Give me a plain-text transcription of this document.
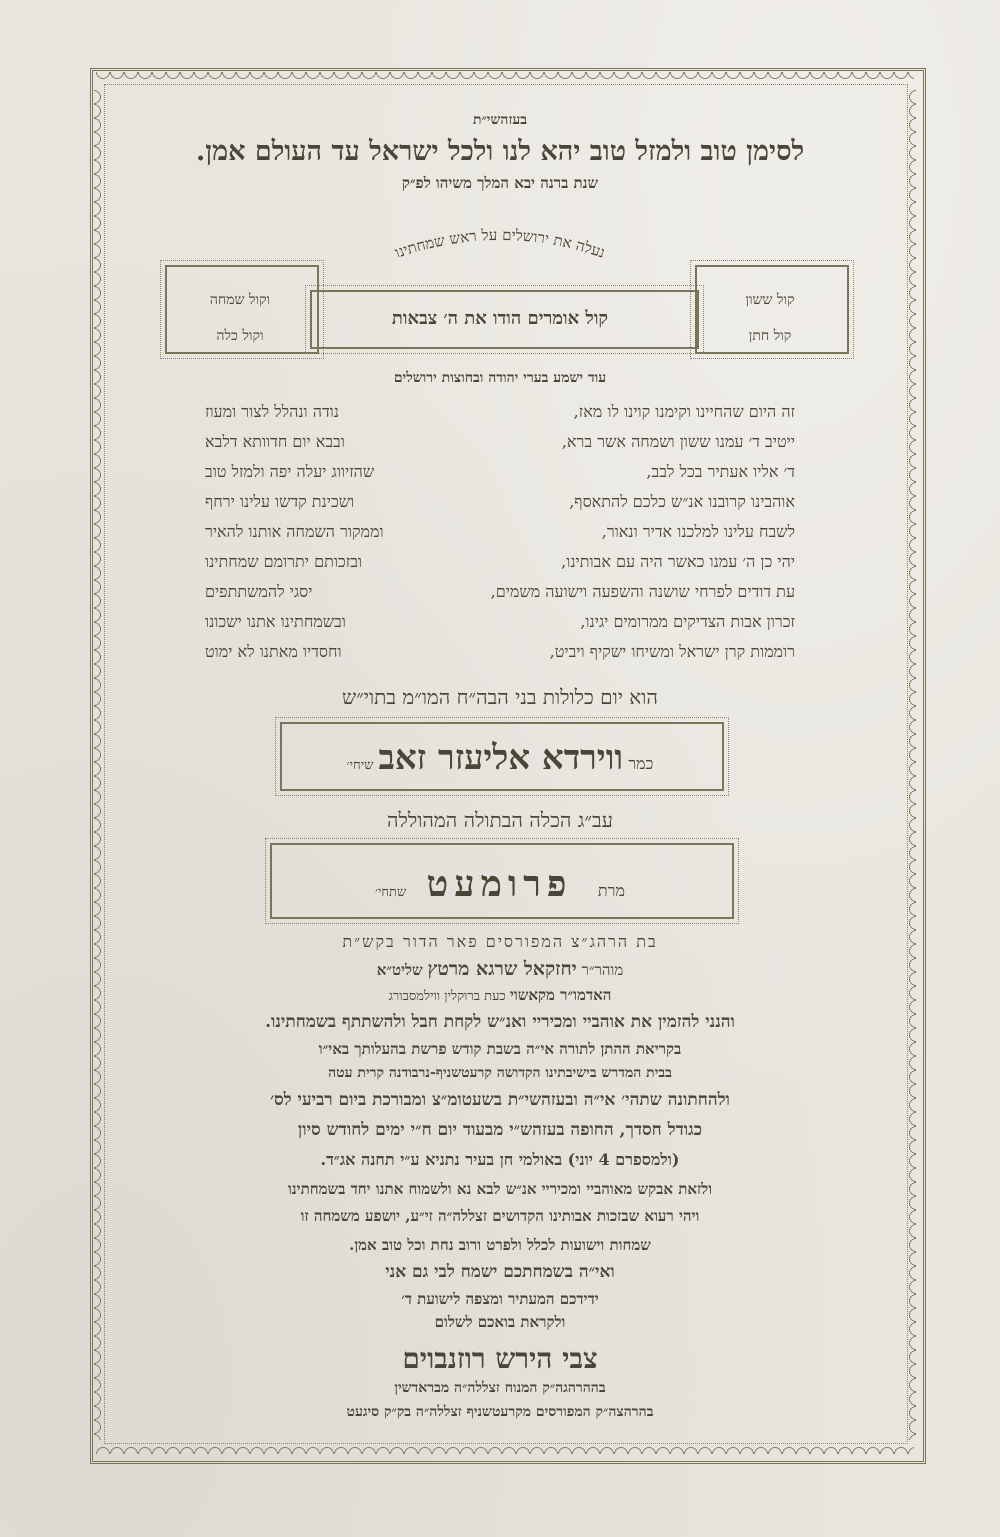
בעזהשי״ת
לסימן טוב ולמזל טוב יהא לנו ולכל ישראל עד העולם אמן.
שנת ברנה יבא המלך משיהו לפ״ק
נעלה את ירושלים על ראש שמחתינו
קול אומרים הודו את ה׳ צבאות
קול ששון
קול חתן
וקול שמחה
וקול כלה
עוד ישמע בערי יהודה ובחוצות ירושלים
זה היום שהחיינו וקימנו קוינו לו מאז,
נודה ונהלל לצור ומעוז
ייטיב ד׳ עמנו ששון ושמחה אשר ברא,
ובבא יום חדוותא דלבא
ד׳ אליו אעתיר בכל לבב,
שהזיווג יעלה יפה ולמזל טוב
אוהבינו קרובנו אנ״ש כלכם להתאסף,
ושכינת קדשו עלינו ירחף
לשבח עלינו למלכנו אדיר ונאור,
וממקור השמחה אותנו להאיר
יהי כן ה׳ עמנו כאשר היה עם אבותינו,
ובזכותם יתרומם שמחתינו
עת דודים לפרחי שושנה והשפעה וישועה משמים,
יסגי להמשתתפים
זכרון אבות הצדיקים ממרומים יגינו,
ובשמחתינו אתנו ישכונו
רוממות קרן ישראל ומשיחו ישקיף ויביט,
וחסדיו מאתנו לא ימוט
הוא יום כלולות בני הבה״ח המו״מ בתוי״ש
כמר ווירדא אליעזר זאב שיחי׳
עב״ג הכלה הבתולה המהוללה
מרת     פרומעט    שתחי׳
בת הרהג״צ המפורסים פאר הדור בקש״ת
מוהר״ר יחזקאל שרגא מרטץ שליט״א
האדמו״ר מקאשוי כעת ברוקלין ווילמסבורג
והנני להזמין את אוהביי ומכיריי ואנ״ש לקחת חבל ולהשתתף בשמחתינו.
בקריאת ההתן לתורה אי״ה בשבת קודש פרשת בהעלותך באי״ו
בבית המדרש בישיבתינו הקדושה קרעטשניף-נרבודנה קרית עטה
ולהחתונה שתהי׳ אי״ה ובעזהשי״ת בשעטומ״צ ומבורכת ביום רביעי לס׳
כגודל חסדך, החופה בעזהש״י מבעוד יום ח״י ימים לחודש סיון
(ולמספרם 4 יוני) באולמי חן בעיר נתניא ע״י תחנה אג״ד.
ולזאת אבקש מאוהביי ומכיריי אנ״ש לבא נא ולשמוח אתנו יחד בשמחתינו
ויהי רעוא שבזכות אבותינו הקדושים זצללה״ה זי״ע, יושפע משמחה זו
שמחות וישועות לכלל ולפרט ורוב נחת וכל טוב אמן.
ואי״ה בשמחתכם ישמח לבי גם אני
ידידכם המעתיר ומצפה לישועת ד׳
ולקראת בואכם לשלום
צבי הירש רוזנבוים
בההרהגה״ק המנוח זצללה״ה מבראדשין
בהרהצה״ק המפורסים מקרעטשניף זצללה״ה בק״ק סיגעט
